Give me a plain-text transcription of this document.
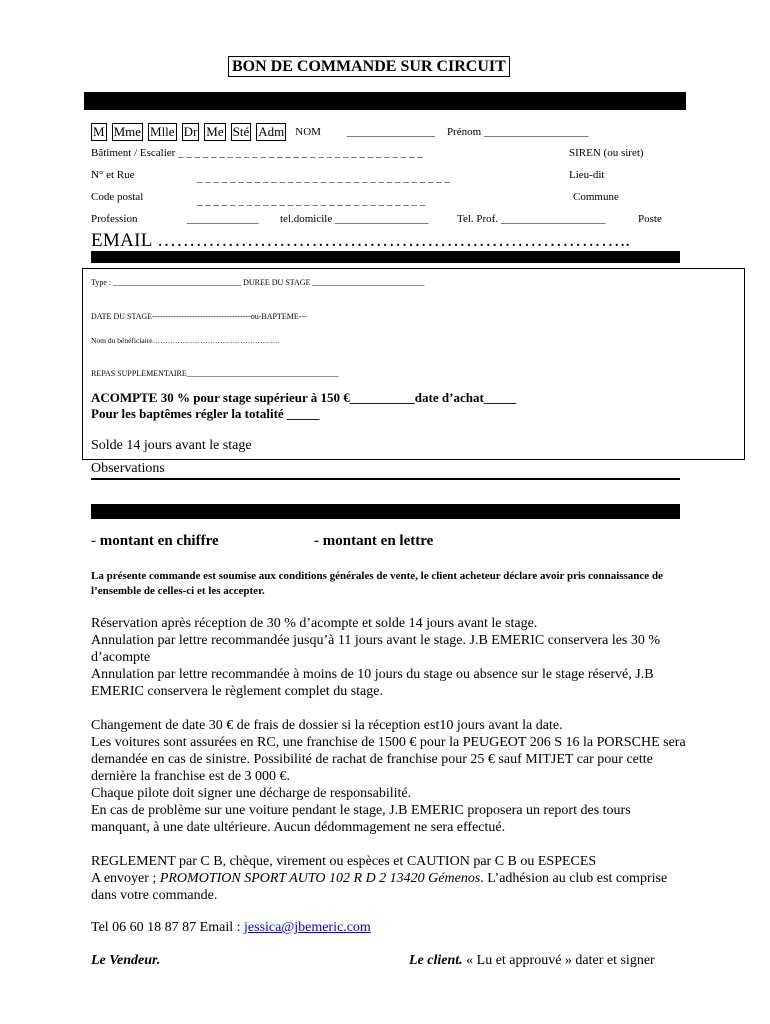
BON DE COMMANDE SUR CIRCUIT
M Mme Mlle Dr Me Sté Adm NOM ________________ Prénom ___________________
Bâtiment / Escalier _ _ _ _ _ _ _ _ _ _ _ _ _ _ _ _ _ _ _ _ _ _ _ _ _ _ _ _ _ _	SIREN (ou siret)
N° et Rue	_ _ _ _ _ _ _ _ _ _ _ _ _ _ _ _ _ _ _ _ _ _ _ _ _ _ _ _ _ _ _	Lieu-dit
Code postal	_ _ _ _ _ _ _ _ _ _ _ _ _ _ _ _ _ _ _ _ _ _ _ _ _ _ _ _	Commune
Profession	_____________ tel.domicile _________________	Tel. Prof. ___________________	Poste
EMAIL ………………………………………………………………..
Type : ________________________________ DUREE DU STAGE ____________________________
DATE DU STAGE-------------------------------------ou-BAPTEME---
Nom du bénéficiaire……………………………………………
REPAS SUPPLEMENTAIRE______________________________________
ACOMPTE 30 % pour stage supérieur à 150 €__________date d’achat_____
Pour les baptêmes régler la totalité _____
Solde 14 jours avant le stage
Observations
- montant en chiffre	- montant en lettre
La présente commande est soumise aux conditions générales de vente, le client acheteur déclare avoir pris connaissance de l’ensemble de celles-ci et les accepter.
Réservation après réception de 30 % d’acompte et solde 14 jours avant le stage.
Annulation par lettre recommandée jusqu’à 11 jours avant le stage. J.B EMERIC conservera les 30 % d’acompte
Annulation par lettre recommandée à moins de 10 jours du stage ou absence sur le stage réservé, J.B EMERIC conservera le règlement complet du stage.
Changement de date 30 € de frais de dossier si la réception est10 jours avant la date.
Les voitures sont assurées en RC, une franchise de 1500 € pour la PEUGEOT 206 S 16 la PORSCHE sera demandée en cas de sinistre. Possibilité de rachat de franchise pour 25 € sauf MITJET car pour cette dernière la franchise est de 3 000 €.
Chaque pilote doit signer une décharge de responsabilité.
En cas de problème sur une voiture pendant le stage, J.B EMERIC proposera un report des tours manquant, à une date ultérieure. Aucun dédommagement ne sera effectué.
REGLEMENT par C B, chèque, virement ou espèces et CAUTION par C B ou ESPECES
A envoyer ; PROMOTION SPORT AUTO 102 R D 2 13420 Gémenos. L’adhésion au club est comprise dans votre commande.
Tel 06 60 18 87 87 Email : jessica@jbemeric.com
Le Vendeur.	Le client. « Lu et approuvé » dater et signer
